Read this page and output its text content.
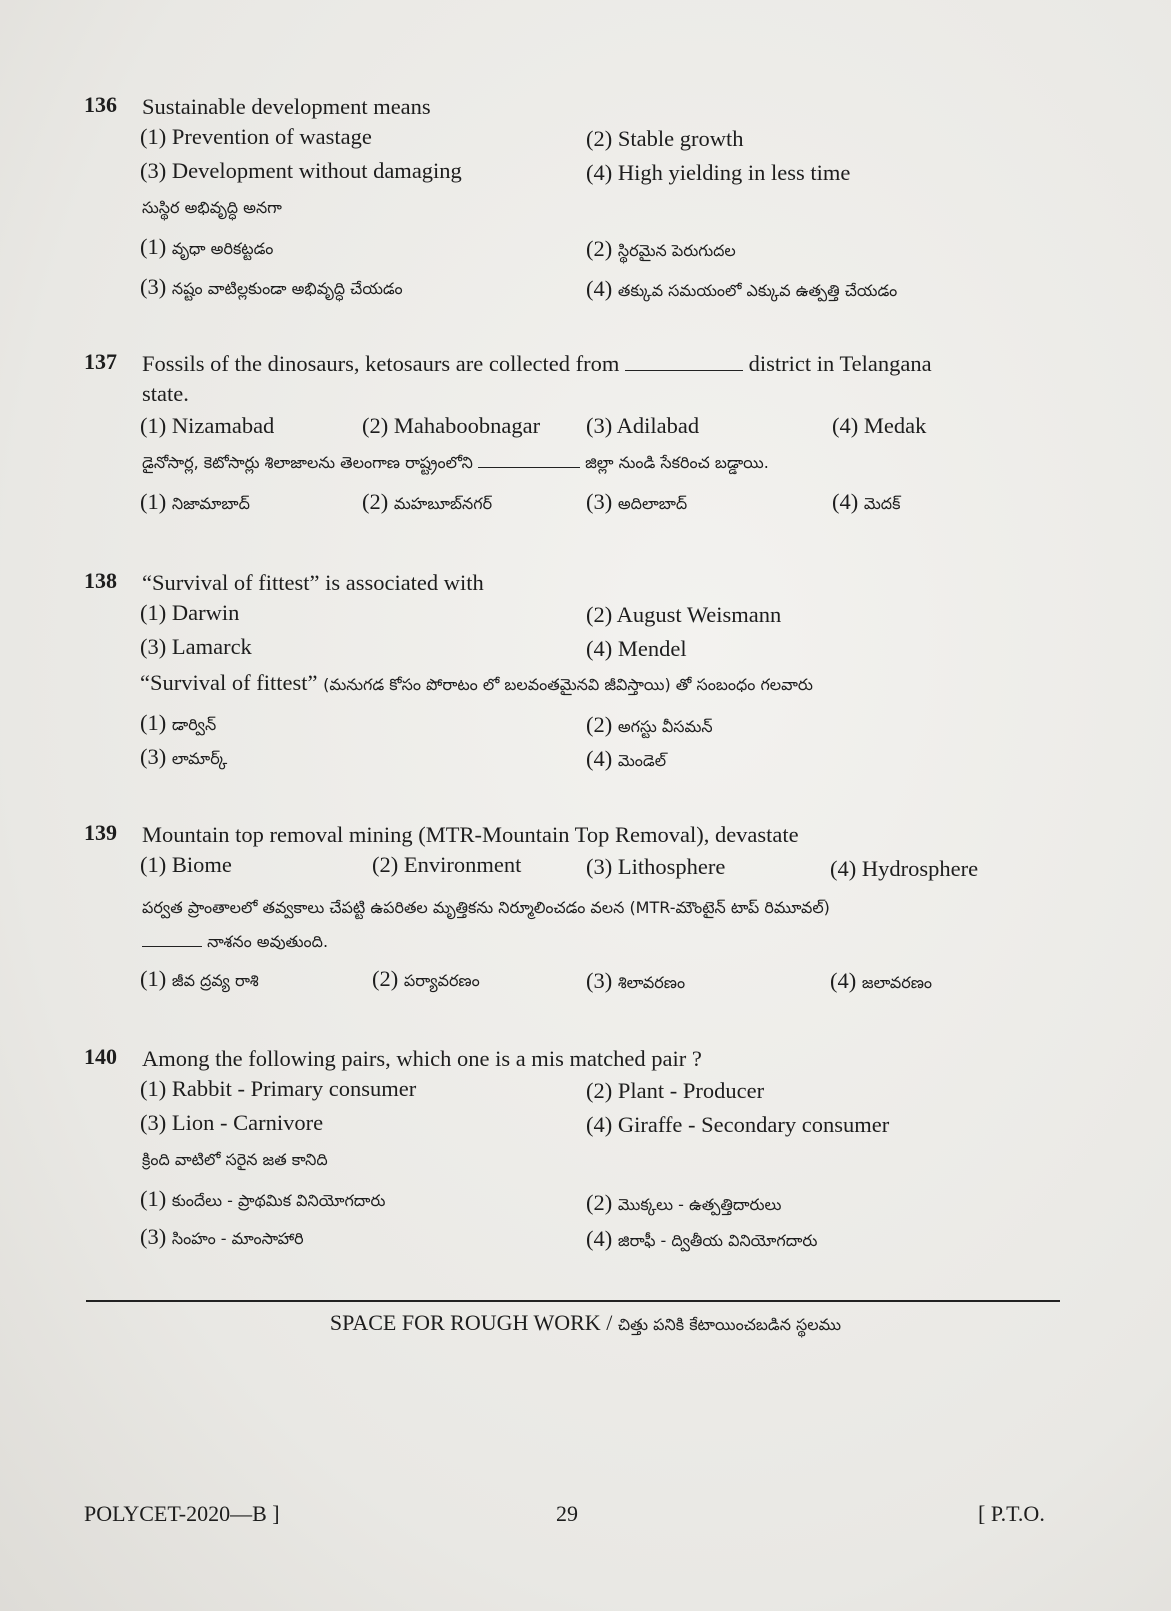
136	Sustainable development means
(1) Prevention of wastage	(2) Stable growth
(3) Development without damaging	(4) High yielding in less time
సుస్థిర అభివృద్ధి అనగా
(1) వృధా అరికట్టడం	(2) స్థిరమైన పెరుగుదల
(3) నష్టం వాటిల్లకుండా అభివృద్ధి చేయడం	(4) తక్కువ సమయంలో ఎక్కువ ఉత్పత్తి చేయడం
137	Fossils of the dinosaurs, ketosaurs are collected from	district in Telangana
state.
(1) Nizamabad	(2) Mahaboobnagar (3) Adilabad	(4) Medak
డైనోసార్ల, కెటోసార్లు శిలాజాలను తెలంగాణ రాష్ట్రంలోని	జిల్లా నుండి సేకరించ బడ్డాయి.
(1) నిజామాబాద్	(2) మహబూబ్‌నగర్	(3) అదిలాబాద్	(4) మెదక్
138	“Survival of fittest” is associated with
(1) Darwin	(2) August Weismann
(3) Lamarck	(4) Mendel
“Survival of fittest” (మనుగడ కోసం పోరాటం లో బలవంతమైనవి జీవిస్తాయి) తో సంబంధం గలవారు
(1) డార్విన్	(2) అగస్టు వీసమన్
(3) లామార్క్	(4) మెండెల్
139	Mountain top removal mining (MTR-Mountain Top Removal), devastate
(1) Biome	(2) Environment	(3) Lithosphere	(4) Hydrosphere
పర్వత ప్రాంతాలలో తవ్వకాలు చేపట్టి ఉపరితల మృత్తికను నిర్మూలించడం వలన (MTR-మౌంటైన్ టాప్ రిమూవల్)
నాశనం అవుతుంది.
(1) జీవ ద్రవ్య రాశి	(2) పర్యావరణం	(3) శిలావరణం	(4) జలావరణం
140	Among the following pairs, which one is a mis matched pair ?
(1) Rabbit - Primary consumer	(2) Plant - Producer
(3) Lion - Carnivore	(4) Giraffe - Secondary consumer
క్రింది వాటిలో సరైన జత కానిది
(1) కుందేలు - ప్రాథమిక వినియోగదారు	(2) మొక్కలు - ఉత్పత్తిదారులు
(3) సింహం - మాంసాహారి	(4) జిరాఫీ - ద్వితీయ వినియోగదారు
SPACE FOR ROUGH WORK / చిత్తు పనికి కేటాయించబడిన స్థలము
POLYCET-2020—B ]	29	[ P.T.O.
